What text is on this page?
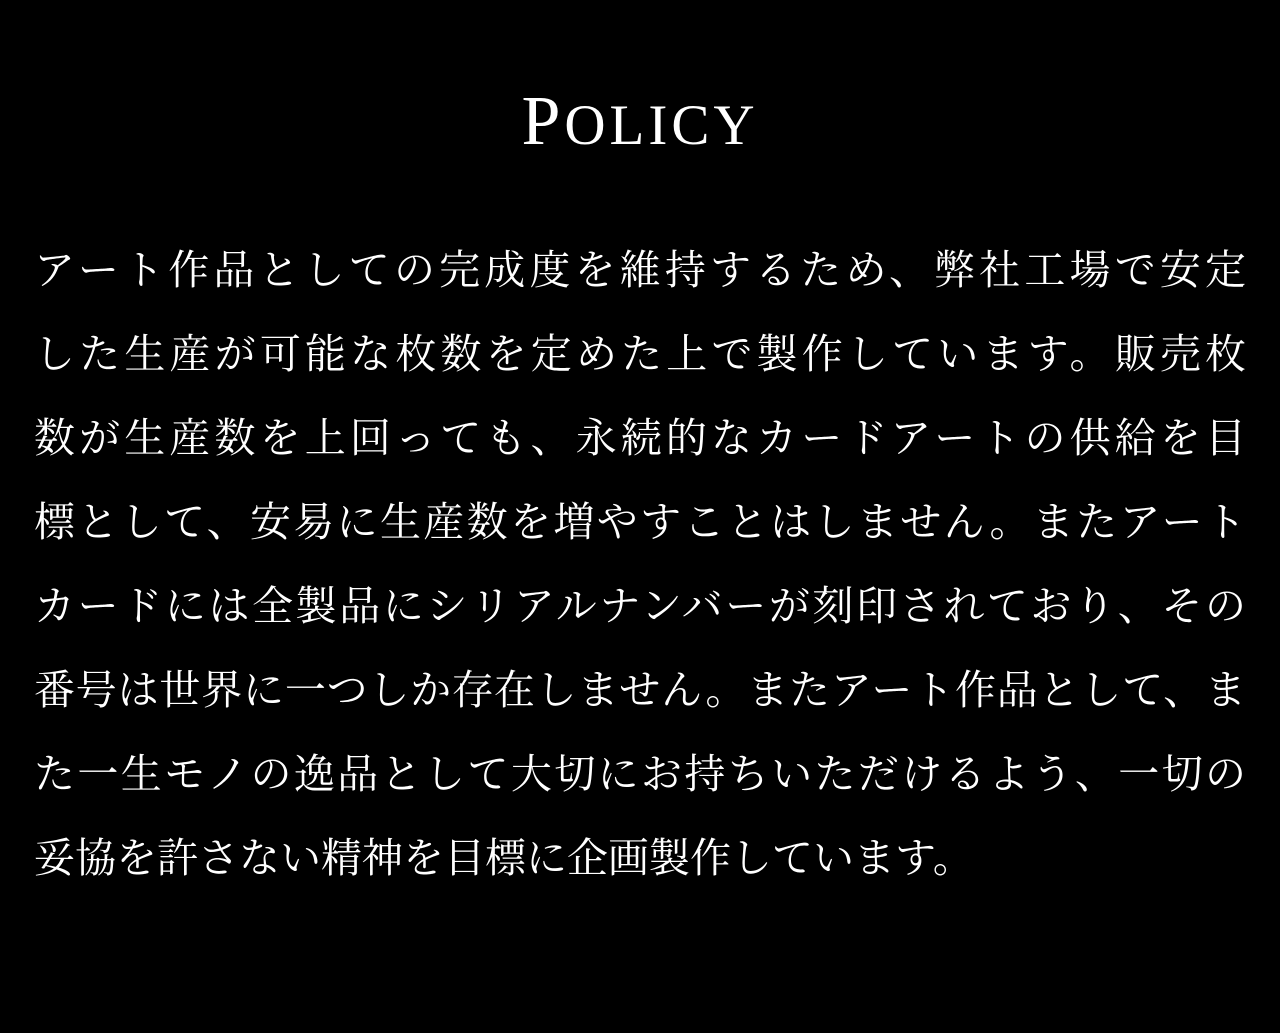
POLICY
アート作品としての完成度を維持するため、弊社工場で安定
した生産が可能な枚数を定めた上で製作しています。販売枚
数が生産数を上回っても、永続的なカードアートの供給を目
標として、安易に生産数を増やすことはしません。またアート
カードには全製品にシリアルナンバーが刻印されており、その
番号は世界に一つしか存在しません。またアート作品として、ま
た一生モノの逸品として大切にお持ちいただけるよう、一切の
妥協を許さない精神を目標に企画製作しています。
